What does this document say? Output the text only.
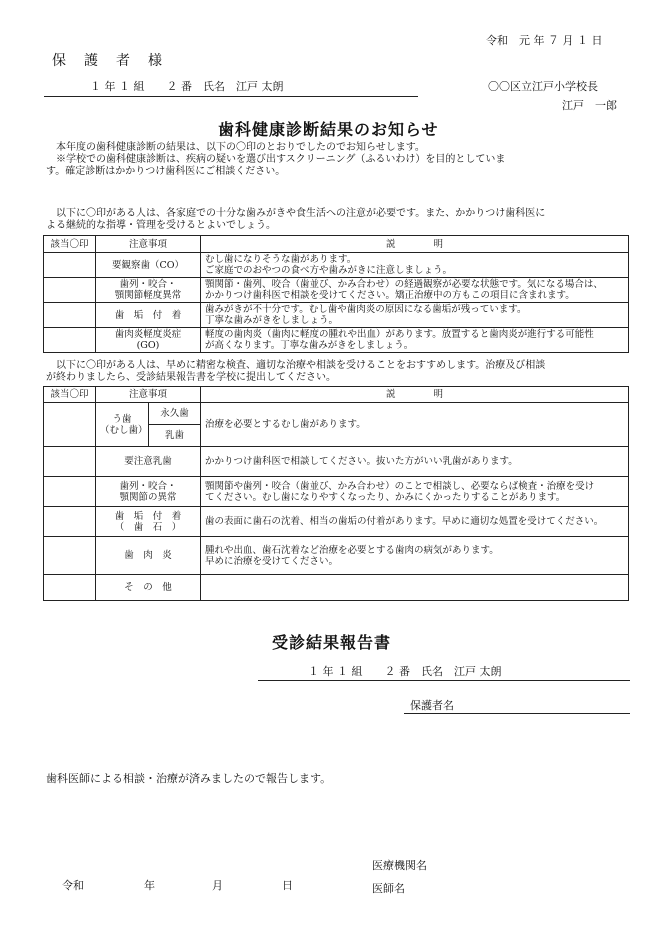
令和　元 年 ７ 月 １ 日
保　護　者　様
１ 年 １ 組　　２ 番　氏名　江戸 太朗	〇〇区立江戸小学校長
江戸　一郎
歯科健康診断結果のお知らせ
　本年度の歯科健康診断の結果は、以下の〇印のとおりでしたのでお知らせします。
　※学校での歯科健康診断は、疾病の疑いを選び出すスクリーニング（ふるいわけ）を目的としていま
す。確定診断はかかりつけ歯科医にご相談ください。
　以下に〇印がある人は、各家庭での十分な歯みがきや食生活への注意が必要です。また、かかりつけ歯科医に
よる継続的な指導・管理を受けるとよいでしょう。
該当〇印	注意事項	説　　　　明
	要観察歯（CO）	むし歯になりそうな歯があります。
ご家庭でのおやつの食べ方や歯みがきに注意しましょう。
	歯列・咬合・
顎関節軽度異常	顎関節・歯列、咬合（歯並び、かみ合わせ）の経過観察が必要な状態です。気になる場合は、
かかりつけ歯科医で相談を受けてください。矯正治療中の方もこの項目に含まれます。
	歯　垢　付　着	歯みがきが不十分です。むし歯や歯肉炎の原因になる歯垢が残っています。
丁寧な歯みがきをしましょう。
	歯肉炎軽度炎症
(GO)	軽度の歯肉炎（歯肉に軽度の腫れや出血）があります。放置すると歯肉炎が進行する可能性
が高くなります。丁寧な歯みがきをしましょう。
　以下に〇印がある人は、早めに精密な検査、適切な治療や相談を受けることをおすすめします。治療及び相談
が終わりましたら、受診結果報告書を学校に提出してください。
該当〇印	注意事項		説　　　　明
	う歯
（むし歯）	永久歯	治療を必要とするむし歯があります。
		乳歯	
	要注意乳歯		かかりつけ歯科医で相談してください。抜いた方がいい乳歯があります。
	歯列・咬合・
顎関節の異常		顎関節や歯列・咬合（歯並び、かみ合わせ）のことで相談し、必要ならば検査・治療を受け
てください。むし歯になりやすくなったり、かみにくかったりすることがあります。
	歯　垢　付　着
（　歯　石　）		歯の表面に歯石の沈着、相当の歯垢の付着があります。早めに適切な処置を受けてください。
	歯　肉　炎		腫れや出血、歯石沈着など治療を必要とする歯肉の病気があります。
早めに治療を受けてください。
	そ　の　他		
受診結果報告書
１ 年 １ 組　　２ 番　氏名　江戸 太朗
保護者名
歯科医師による相談・治療が済みましたので報告します。
令和	年	月	日
医療機関名
医師名
